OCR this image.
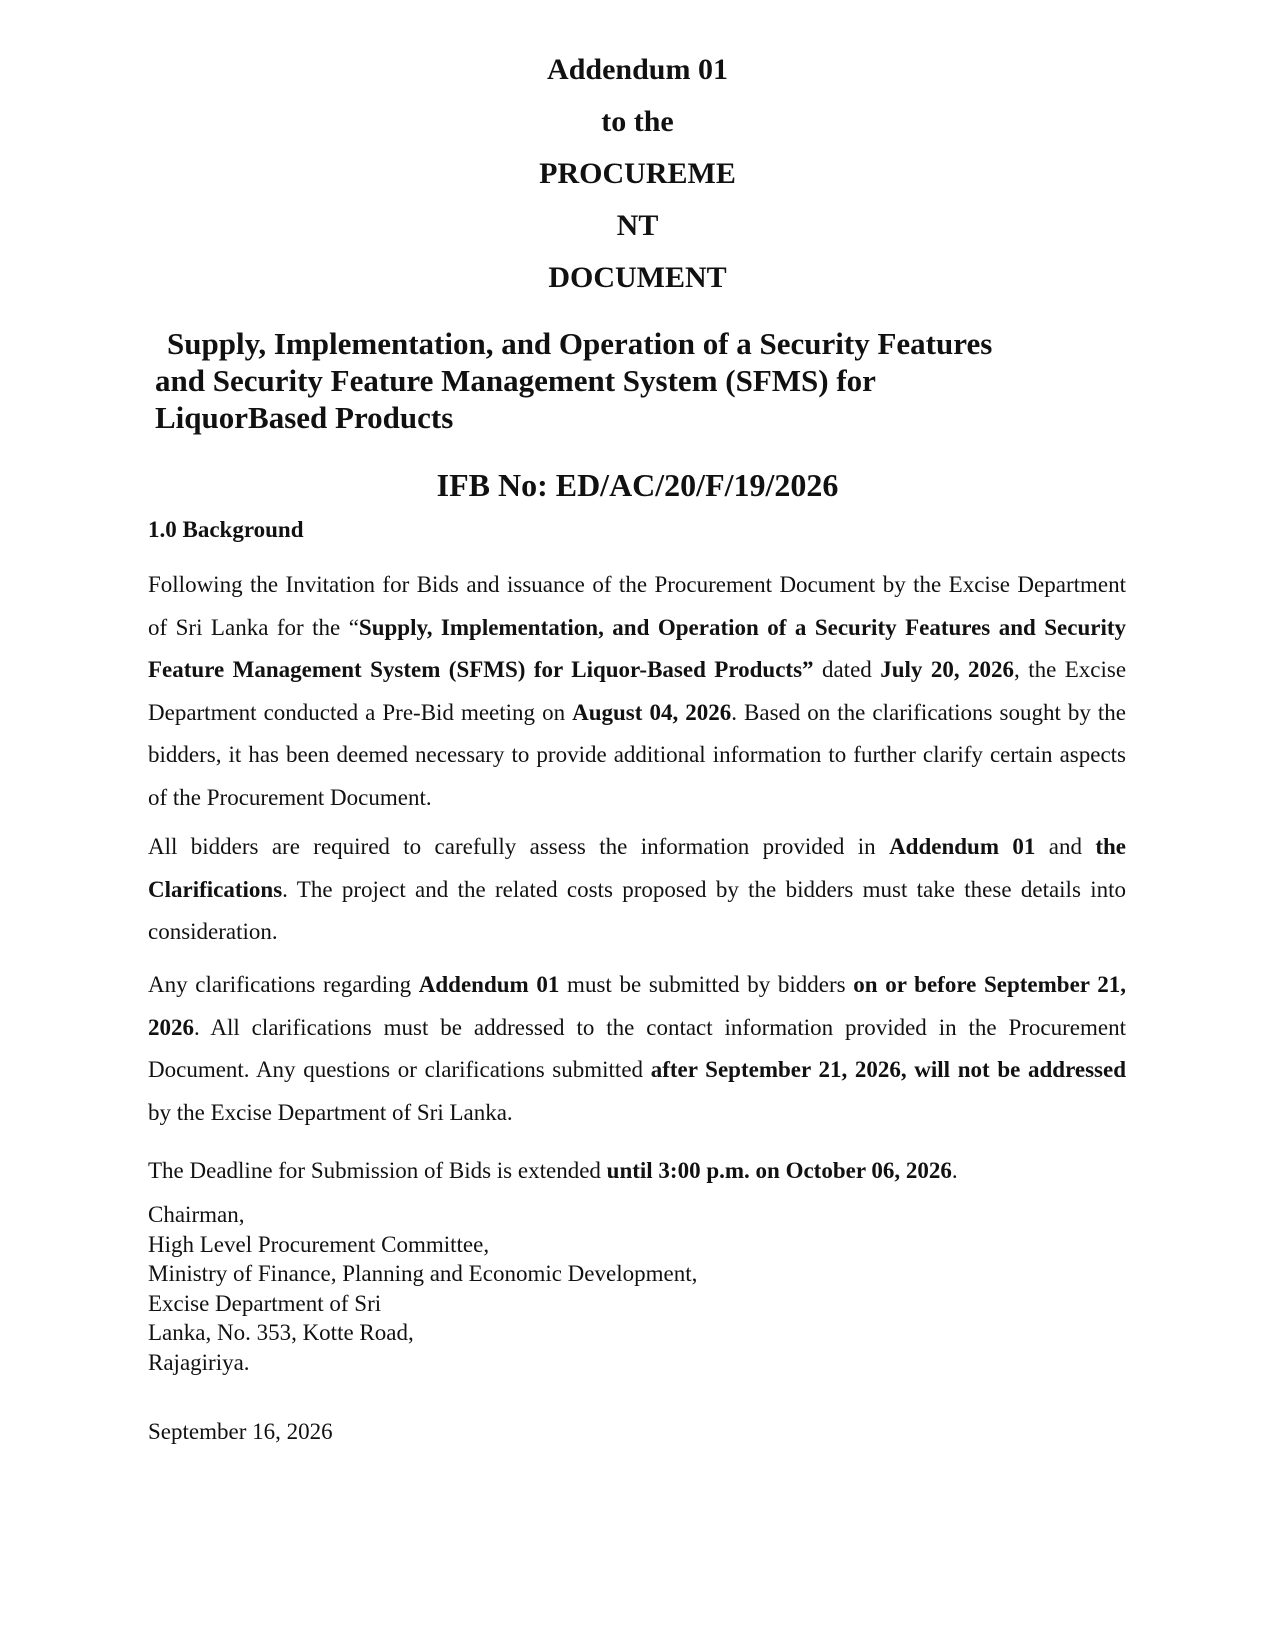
Addendum 01

to the

PROCUREME

NT

DOCUMENT

Supply, Implementation, and Operation of a Security Features
and Security Feature Management System (SFMS) for
LiquorBased Products

IFB No: ED/AC/20/F/19/2026

1.0 Background

Following the Invitation for Bids and issuance of the Procurement Document by the Excise Department of Sri Lanka for the “Supply, Implementation, and Operation of a Security Features and Security Feature Management System (SFMS) for Liquor-Based Products” dated July 20, 2026, the Excise Department conducted a Pre-Bid meeting on August 04, 2026. Based on the clarifications sought by the bidders, it has been deemed necessary to provide additional information to further clarify certain aspects of the Procurement Document.

All bidders are required to carefully assess the information provided in Addendum 01 and the Clarifications. The project and the related costs proposed by the bidders must take these details into consideration.

Any clarifications regarding Addendum 01 must be submitted by bidders on or before September 21, 2026. All clarifications must be addressed to the contact information provided in the Procurement Document. Any questions or clarifications submitted after September 21, 2026, will not be addressed by the Excise Department of Sri Lanka.

The Deadline for Submission of Bids is extended until 3:00 p.m. on October 06, 2026.

Chairman,
High Level Procurement Committee,
Ministry of Finance, Planning and Economic Development,
Excise Department of Sri
Lanka, No. 353, Kotte Road,
Rajagiriya.

September 16, 2026
